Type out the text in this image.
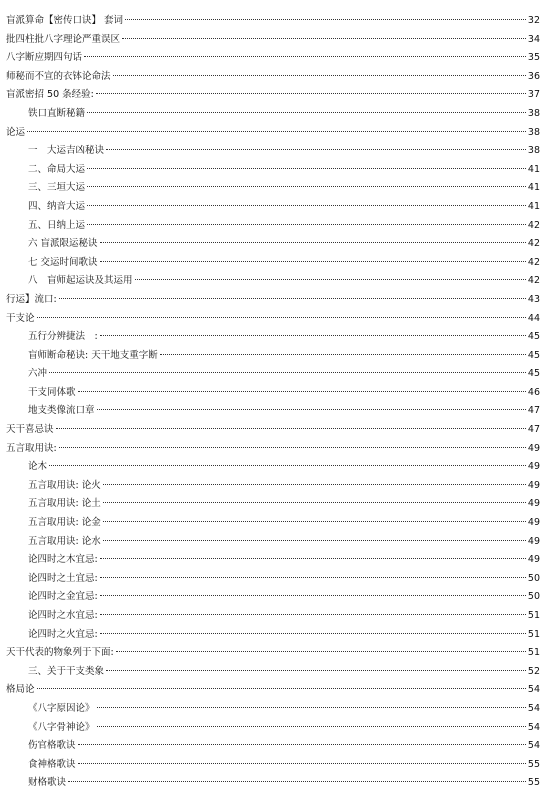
盲派算命【密传口诀】 套词	32
批四柱批八字理论严重误区	34
八字断应期四句话	35
师秘而不宣的衣钵论命法	36
盲派密招 50 条经验:	37
铁口直断秘籍	38
论运	38
一　大运吉凶秘诀	38
二、命局大运	41
三、三垣大运	41
四、纳音大运	41
五、日纳上运	42
六 盲派限运秘诀	42
七 交运时间歌诀	42
八　盲师起运诀及其运用	42
行运】流口:	43
干支论	44
五行分辨捷法　:	45
盲师断命秘诀: 天干地支重字断	45
六冲	45
干支同体歌	46
地支类像流口章	47
天干喜忌诀	47
五言取用诀:	49
论木	49
五言取用诀: 论火	49
五言取用诀: 论土	49
五言取用诀: 论金	49
五言取用诀: 论水	49
论四时之木宜忌:	49
论四时之土宜忌:	50
论四时之金宜忌:	50
论四时之水宜忌:	51
论四时之火宜忌:	51
天干代表的物象列于下面:	51
三、关于干支类象	52
格局论	54
《八字原因论》	54
《八字骨神论》	54
伤官格歌诀	54
食神格歌诀	55
财格歌诀	55
